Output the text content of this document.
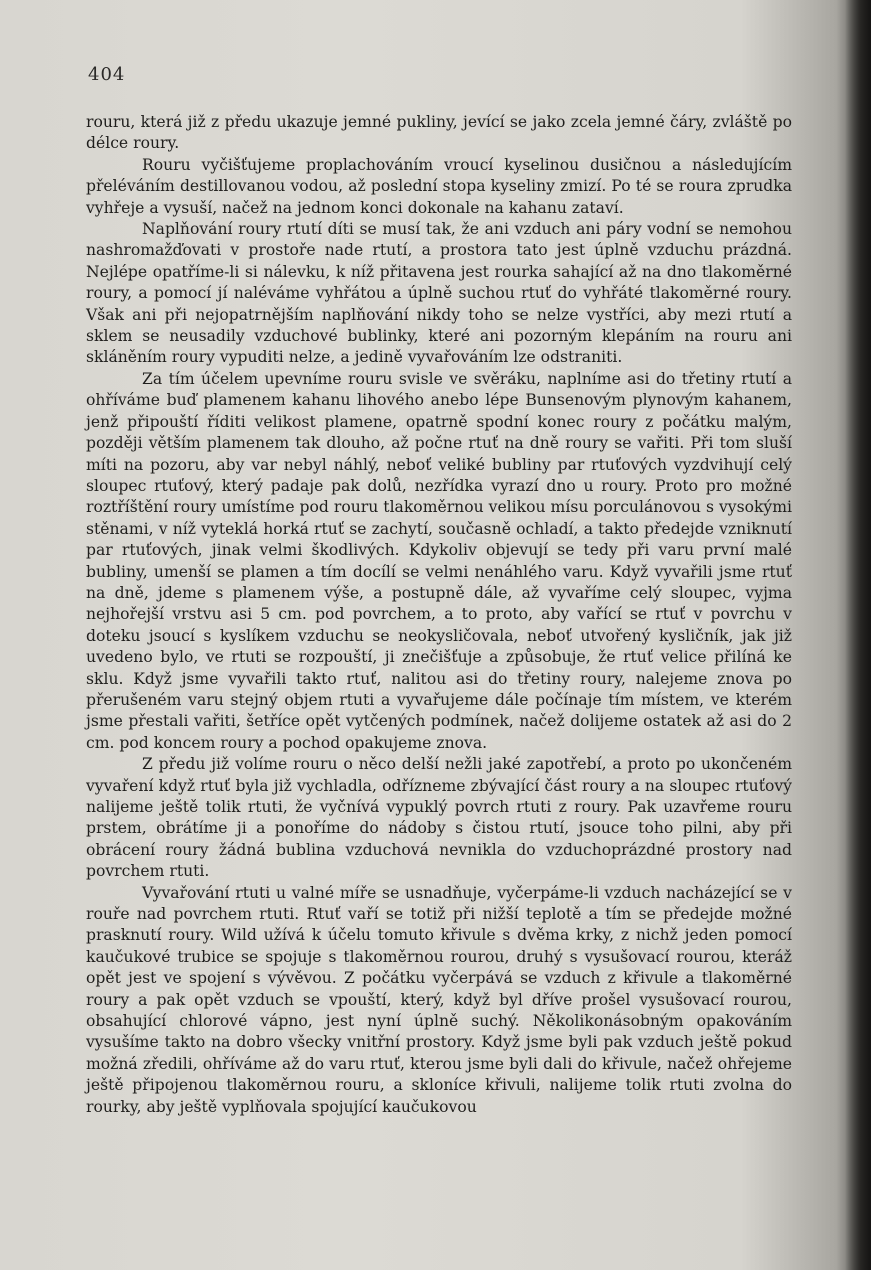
404

rouru, která již z předu ukazuje jemné pukliny, jevící se jako zcela jemné čáry, zvláště po délce roury.

Rouru vyčišťujeme proplachováním vroucí kyselinou dusičnou a následujícím přeléváním destillovanou vodou, až poslední stopa kyseliny zmizí. Po té se roura zprudka vyhřeje a vysuší, načež na jednom konci dokonale na kahanu zataví.

Naplňování roury rtutí díti se musí tak, že ani vzduch ani páry vodní se nemohou nashromažďovati v prostoře nade rtutí, a prostora tato jest úplně vzduchu prázdná. Nejlépe opatříme-li si nálevku, k níž přitavena jest rourka sahající až na dno tlakoměrné roury, a pomocí jí naléváme vyhřátou a úplně suchou rtuť do vyhřáté tlakoměrné roury. Však ani při nejopatrnějším naplňování nikdy toho se nelze vystříci, aby mezi rtutí a sklem se neusadily vzduchové bublinky, které ani pozorným klepáním na rouru ani skláněním roury vypuditi nelze, a jedině vyvařováním lze odstraniti.

Za tím účelem upevníme rouru svisle ve svěráku, naplníme asi do třetiny rtutí a ohříváme buď plamenem kahanu lihového anebo lépe Bunsenovým plynovým kahanem, jenž připouští říditi velikost plamene, opatrně spodní konec roury z počátku malým, později větším plamenem tak dlouho, až počne rtuť na dně roury se vařiti. Při tom sluší míti na pozoru, aby var nebyl náhlý, neboť veliké bubliny par rtuťových vyzdvihují celý sloupec rtuťový, který padaje pak dolů, nezřídka vyrazí dno u roury. Proto pro možné roztříštění roury umístíme pod rouru tlakoměrnou velikou mísu porculánovou s vysokými stěnami, v níž vyteklá horká rtuť se zachytí, současně ochladí, a takto předejde vzniknutí par rtuťových, jinak velmi škodlivých. Kdykoliv objevují se tedy při varu první malé bubliny, umenší se plamen a tím docílí se velmi nenáhlého varu. Když vyvařili jsme rtuť na dně, jdeme s plamenem výše, a postupně dále, až vyvaříme celý sloupec, vyjma nejhořejší vrstvu asi 5 cm. pod povrchem, a to proto, aby vařící se rtuť v povrchu v doteku jsoucí s kyslíkem vzduchu se neokysličovala, neboť utvořený kysličník, jak již uvedeno bylo, ve rtuti se rozpouští, ji znečišťuje a způsobuje, že rtuť velice přilíná ke sklu. Když jsme vyvařili takto rtuť, nalitou asi do třetiny roury, nalejeme znova po přerušeném varu stejný objem rtuti a vyvařujeme dále počínaje tím místem, ve kterém jsme přestali vařiti, šetříce opět vytčených podmínek, načež dolijeme ostatek až asi do 2 cm. pod koncem roury a pochod opakujeme znova.

Z předu již volíme rouru o něco delší nežli jaké zapotřebí, a proto po ukončeném vyvaření když rtuť byla již vychladla, odřízneme zbývající část roury a na sloupec rtuťový nalijeme ještě tolik rtuti, že vyčnívá vypuklý povrch rtuti z roury. Pak uzavřeme rouru prstem, obrátíme ji a ponoříme do nádoby s čistou rtutí, jsouce toho pilni, aby při obrácení roury žádná bublina vzduchová nevnikla do vzduchoprázdné prostory nad povrchem rtuti.

Vyvařování rtuti u valné míře se usnadňuje, vyčerpáme-li vzduch nacházející se v rouře nad povrchem rtuti. Rtuť vaří se totiž při nižší teplotě a tím se předejde možné prasknutí roury. Wild užívá k účelu tomuto křivule s dvěma krky, z nichž jeden pomocí kaučukové trubice se spojuje s tlakoměrnou rourou, druhý s vysušovací rourou, kteráž opět jest ve spojení s vývěvou. Z počátku vyčerpává se vzduch z křivule a tlakoměrné roury a pak opět vzduch se vpouští, který, když byl dříve prošel vysušovací rourou, obsahující chlorové vápno, jest nyní úplně suchý. Několikonásobným opakováním vysušíme takto na dobro všecky vnitřní prostory. Když jsme byli pak vzduch ještě pokud možná zředili, ohříváme až do varu rtuť, kterou jsme byli dali do křivule, načež ohřejeme ještě připojenou tlakoměrnou rouru, a skloníce křivuli, nalijeme tolik rtuti zvolna do rourky, aby ještě vyplňovala spojující kaučukovou
